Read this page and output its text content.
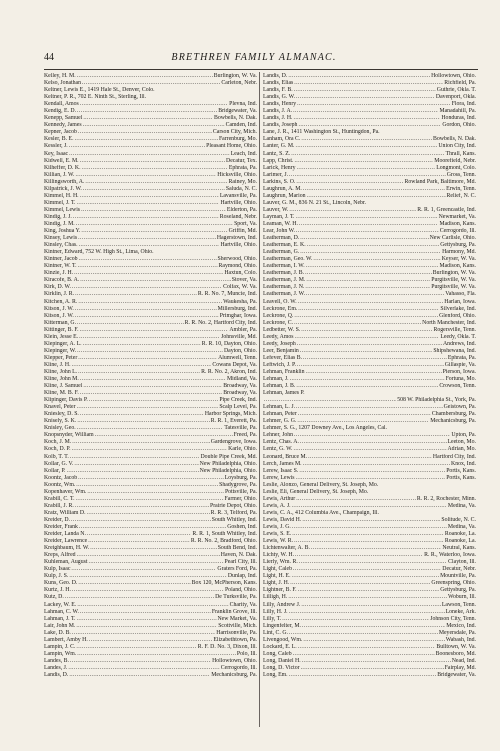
44	BRETHREN FAMILY ALMANAC.
Kelley, H. M. .....	Burlington, W. Va.
Kelso, Jonathan .....	Carleton, Nebr.
Keltner, Lewis E., 1419 Hale St., Denver, Colo.
Keltner, P. R., 702 E. Ninth St., Sterling, Ill.
Kendall, Amos .....	Plevna, Ind.
Kendig, E. D. .....	Bridgewater, Va.
Kenepp, Samuel .....	Bowbells, N. Dak.
Kennedy, James .....	Camden, Ind.
Kepner, Jacob .....	Carson City, Mich.
Kesler, B. E. .....	Farrenburg, Mo.
Kessler, J. .....	Pleasant Home, Ohio.
Key, Isaac .....	Leach, Ind.
Kidwell, E. M. .....	Decatur, Tex.
Kilheffer, D. K. .....	Ephrata, Pa.
Killian, J. W. .....	Hicksville, Ohio.
Killingsworth, A. .....	Rainey, Mo.
Kilpatrick, J. W. .....	Saluda, N. C.
Kimmel, H. H. .....	Lavansville, Pa.
Kimmel, J. T. .....	Hartville, Ohio.
Kimmel, Lewis .....	Elderton, Pa.
Kindig, J. J. .....	Roseland, Nebr.
Kindig, J. M. .....	Sport, Va.
King, Joshua Y. .....	Griffin, Md.
Kinsey, Lewis .....	Hagerstown, Ind.
Kinsley, Chas. .....	Hartville, Ohio.
Kintner, Edward, 752 W. High St., Lima, Ohio.
Kintner, Jacob .....	Sherwood, Ohio.
Kintner, W. T. .....	Raymond, Ohio.
Kinzie, J. H. .....	Haxtun, Colo.
Kiracofe, B. A. .....	Stover, Va.
Kirk, D. W. .....	Colfax, W. Va.
Kirklin, J. R. .....	R. R. No. 7, Muncie, Ind.
Kitchen, A. R. .....	Waukesha, Pa.
Kitson, J. W. .....	Millersburg, Ind.
Kitson, J. W. .....	Primghar, Iowa.
Kitterman, G. .....	R. R. No. 2, Hartford City, Ind.
Kittinger, B. F. .....	Ambler, Pa.
Klein, Jesse E. .....	Johnsville, Md.
Klepinger, A. L. .....	R. R. 10, Dayton, Ohio.
Klepinger, W. .....	Dayton, Ohio.
Klepper, Peter .....	Alumwell, Tenn.
Kline, J. H. .....	Cowans Depot, Va.
Kline, John L. .....	R. R. No. 2, Akron, Ind.
Kline, John M. .....	Midland, Va.
Kline, J. Samuel .....	Broadway, Va.
Kline, M. B. F. .....	Broadway, Va.
Klipinger, Davis P. .....	Pipe Creek, Ind.
Knavel, Peter .....	Scalp Level, Pa.
Kniesley, D. S. .....	Harbor Springs, Mich.
Knisely, S. K. .....	R. R. 1, Everett, Pa.
Knisley, Geo. .....	Tatesville, Pa.
Knopsnyder, William .....	Freed, Pa.
Koch, J. M. .....	Gardengrove, Iowa.
Koch, D. P. .....	Karle, Ohio.
Kolb, T. T. .....	Double Pipe Creek, Md.
Kollar, G. V. .....	New Philadelphia, Ohio.
Kollar, P. .....	New Philadelphia, Ohio.
Koontz, Jacob .....	Loysburg, Pa.
Koontz, Wm. .....	Shadygrove, Pa.
Kopenhaver, Wm. .....	Pottsville, Pa.
Krabill, C. T. .....	Farmer, Ohio.
Krabill, J. R. .....	Prairie Depot, Ohio.
Kratz, William D. .....	R. R. 3, Telford, Pa.
Kreider, D. .....	South Whitley, Ind.
Kreider, Frank .....	Goshen, Ind.
Kreider, Landa N. .....	R. R. 1, South Whitley, Ind.
Kreider, Lawrence .....	R. R. No. 2, Bradford, Ohio.
Kreighbaum, H. W. .....	South Bend, Ind.
Kreps, Alfred .....	Haven, N. Dak.
Kuhleman, August .....	Pearl City, Ill.
Kulp, Isaac .....	Graters Ford, Pa.
Kulp, J. S. .....	Dunlap, Ind.
Kuns, Geo. D. .....	Box 120, McPherson, Kans.
Kurtz, J. H. .....	Poland, Ohio.
Kutz, D. .....	De Turksville, Pa.
Lackey, W. E. .....	Charity, Va.
Lahman, C. W. .....	Franklin Grove, Ill.
Lahman, J. T. .....	New Market, Va.
Lair, John M. .....	Scottville, Mich.
Lake, D. B. .....	Harrisonville, Pa.
Lambert, Amby H. .....	Elizabethtown, Pa.
Lampin, J. C. .....	R. F. D. No. 3, Dixon, Ill.
Lampin, Wm. .....	Polo, Ill.
Landes, B. .....	Hollowtown, Ohio.
Landes, J. .....	Cerrogordo, Ill.
Landis, D. .....	Mechanicsburg, Pa.
Landis, D. .....	Hollowtown, Ohio.
Landis, Elias .....	Richfield, Pa.
Landis, F. B. .....	Guthrie, Okla. T.
Landis, G. W. .....	Davenport, Okla.
Landis, Henry .....	Flora, Ind.
Landis, J. A. .....	Manadahill, Pa.
Landis, J. H. .....	Honduras, Ind.
Landis, Joseph .....	Gordon, Ohio.
Lane, J. R., 1411 Washington St., Huntingdon, Pa.
Lanham, Ora C. .....	Bowbells, N. Dak.
Lanter, G. M. .....	Union City, Ind.
Lantz, S. Z. .....	Thrall, Kans.
Lapp, Christ. .....	Moorefield, Nebr.
Larick, Henry .....	Longmont, Colo.
Larimer, J. .....	Gross, Tenn.
Larkins, S. O. .....	Rowland Park, Baltimore, Md.
Laughrun, A. M. .....	Erwin, Tenn.
Laughrun, Marion .....	Relief, N. C.
Lauver, G. M., 836 N. 21 St., Lincoln, Nebr.
Lauver, W. .....	R. R. 1, Greencastle, Ind.
Layman, J. T. .....	Newmarket, Va.
Leaman, W. H. .....	Madison, Kans.
Lear, John W. .....	Cerrogordo, Ill.
Leatherman, D. .....	New Carlisle, Ohio.
Leatherman, E. K. .....	Gettysburg, Pa.
Leatherman, G. .....	Harmony, Md.
Leatherman, Geo. W. .....	Keyser, W. Va.
Leatherman, I. W. .....	Madison, Kans.
Leatherman, J. B. .....	Burlington, W. Va.
Leatherman, J. M. .....	Purgitsville, W. Va.
Leatherman, J. N. .....	Purgitsville, W. Va.
Leatherman, J. W. .....	Vahasso, Fla.
Leavell, O. W. .....	Harlan, Iowa.
Leckrone, Em. .....	Silverlake, Ind.
Leckrone, Q. .....	Glenford, Ohio.
Leckrone, C. .....	North Manchester, Ind.
Ledbetter, W. S. .....	Rogersville, Tenn.
Leedy, Amos .....	Leedy, Okla. T.
Leedy, Joseph .....	Andrews, Ind.
Leer, Benjamin .....	Shipshewana, Ind.
Lefever, Elias B. .....	Ephrata, Pa.
Leftwich, J. P. .....	Gillaspie, Va.
Lehman, Franklin .....	Pierson, Iowa.
Lehman, J. .....	Fortuna, Mo.
Lehman, J. B. .....	Crowson, Tenn.
Lehman, James P.
.....
508 W. Philadelphia St., York, Pa.
Lehman, L. J. .....	Geistown, Pa.
Lehman, Peter .....	Chambersburg, Pa.
Lehmer, G. G. .....	Mechanicsburg, Pa.
Lehmer, S. G., 1207 Downey Ave., Los Angeles, Cal.
Lehner, John .....	Upton, Pa.
Lentz, Chas. A. .....	Leeton, Mo.
Lentz, G. W. .....	Adrian, Mo.
Leonard, Bruce M. .....	Hartford City, Ind.
Lerch, James M. .....	Knox, Ind.
Lerew, Isaac S. .....	Portis, Kans.
Lerew, Lewis .....	Portis, Kans.
Leslie, Alonzo, General Delivery, St. Joseph, Mo.
Leslie, Eli, General Delivery, St. Joseph, Mo.
Lewis, Arthur .....	R. R. 2, Rochester, Minn.
Lewis, A. J. .....	Medina, Va.
Lewis, C. A., 412 Columbia Ave., Champaign, Ill.
Lewis, David H. .....	Solitude, N. C.
Lewis, J. G. .....	Medina, Va.
Lewis, S. E. .....	Roanoke, La.
Lewis, W. R. .....	Roanoke, La.
Lichtenwalter, A. B. .....	Neutral, Kans.
Lichty, W. H. .....	R. R., Waterloo, Iowa.
Lierly, Wm. R. .....	Clayton, Ill.
Light, Caleb .....	Decatur, Nebr.
Light, H. E. .....	Mountville, Pa.
Light, J. H. .....	Greenspring, Ohio.
Lightner, B. F. .....	Gettysburg, Pa.
Lilligh, H. .....	Woburn, Ill.
Lilly, Andrew J. .....	Lawson, Tenn.
Lilly, H. J. .....	Loneke, Ark.
Lilly, T. .....	Johnson City, Tenn.
Lingenfelter, M. .....	Mexico, Ind.
Lint, C. G. .....	Meyersdale, Pa.
Livengood, Wm. .....	Wabash, Ind.
Lockard, E. L. .....	Bulltown, W. Va.
Long, Caleb .....	Boonesboro, Md.
Long, Daniel H. .....	Nead, Ind.
Long, D. Victor .....	Fairplay, Md.
Long, Em. .....	Bridgewater, Va.
